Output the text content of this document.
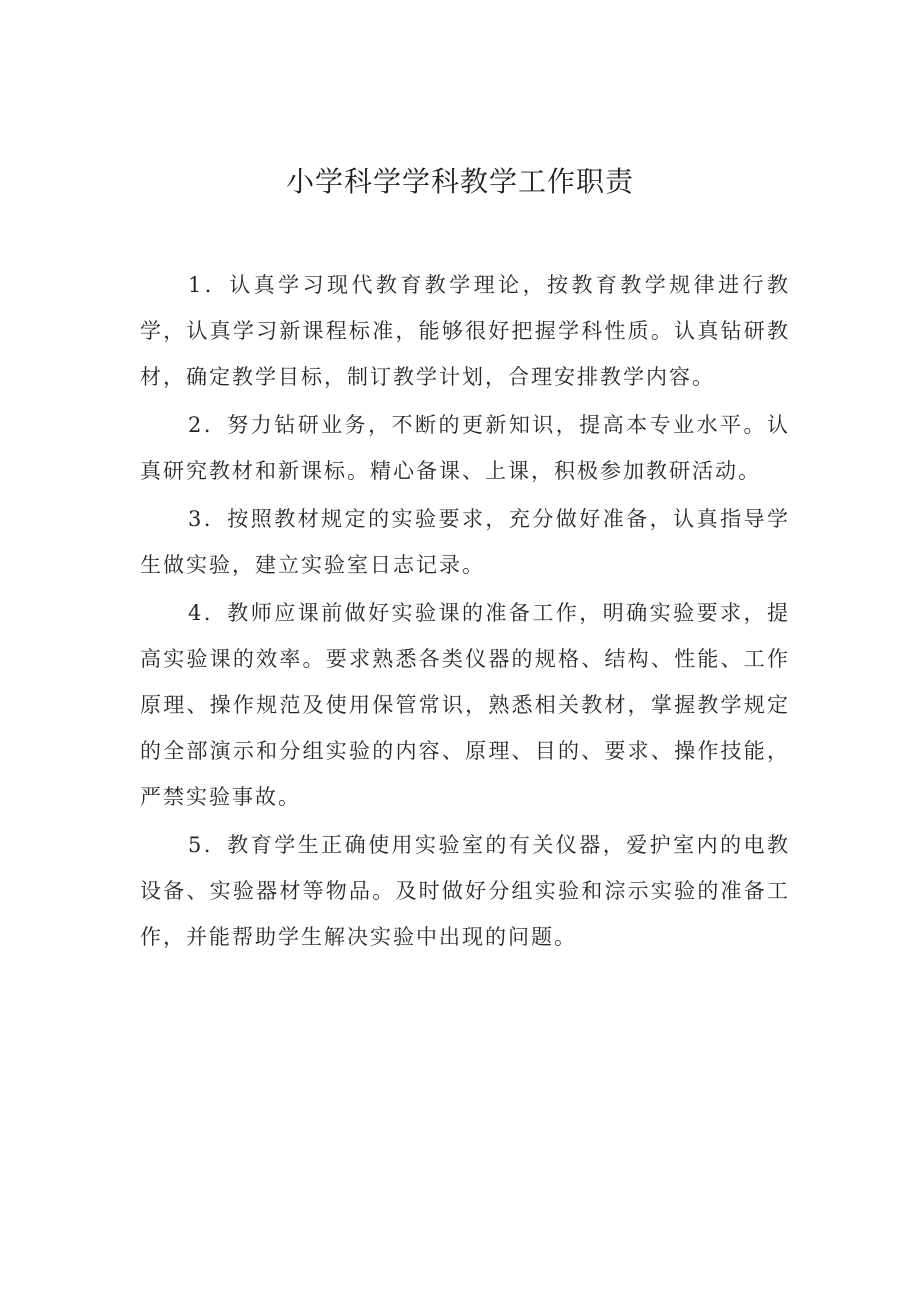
小学科学学科教学工作职责

1．认真学习现代教育教学理论，按教育教学规律进行教学，认真学习新课程标准，能够很好把握学科性质。认真钻研教材，确定教学目标，制订教学计划，合理安排教学内容。

2．努力钻研业务，不断的更新知识，提高本专业水平。认真研究教材和新课标。精心备课、上课，积极参加教研活动。

3．按照教材规定的实验要求，充分做好准备，认真指导学生做实验，建立实验室日志记录。

4．教师应课前做好实验课的准备工作，明确实验要求，提高实验课的效率。要求熟悉各类仪器的规格、结构、性能、工作原理、操作规范及使用保管常识，熟悉相关教材，掌握教学规定的全部演示和分组实验的内容、原理、目的、要求、操作技能，严禁实验事故。

5．教育学生正确使用实验室的有关仪器，爱护室内的电教设备、实验器材等物品。及时做好分组实验和淙示实验的准备工作，并能帮助学生解决实验中出现的问题。
